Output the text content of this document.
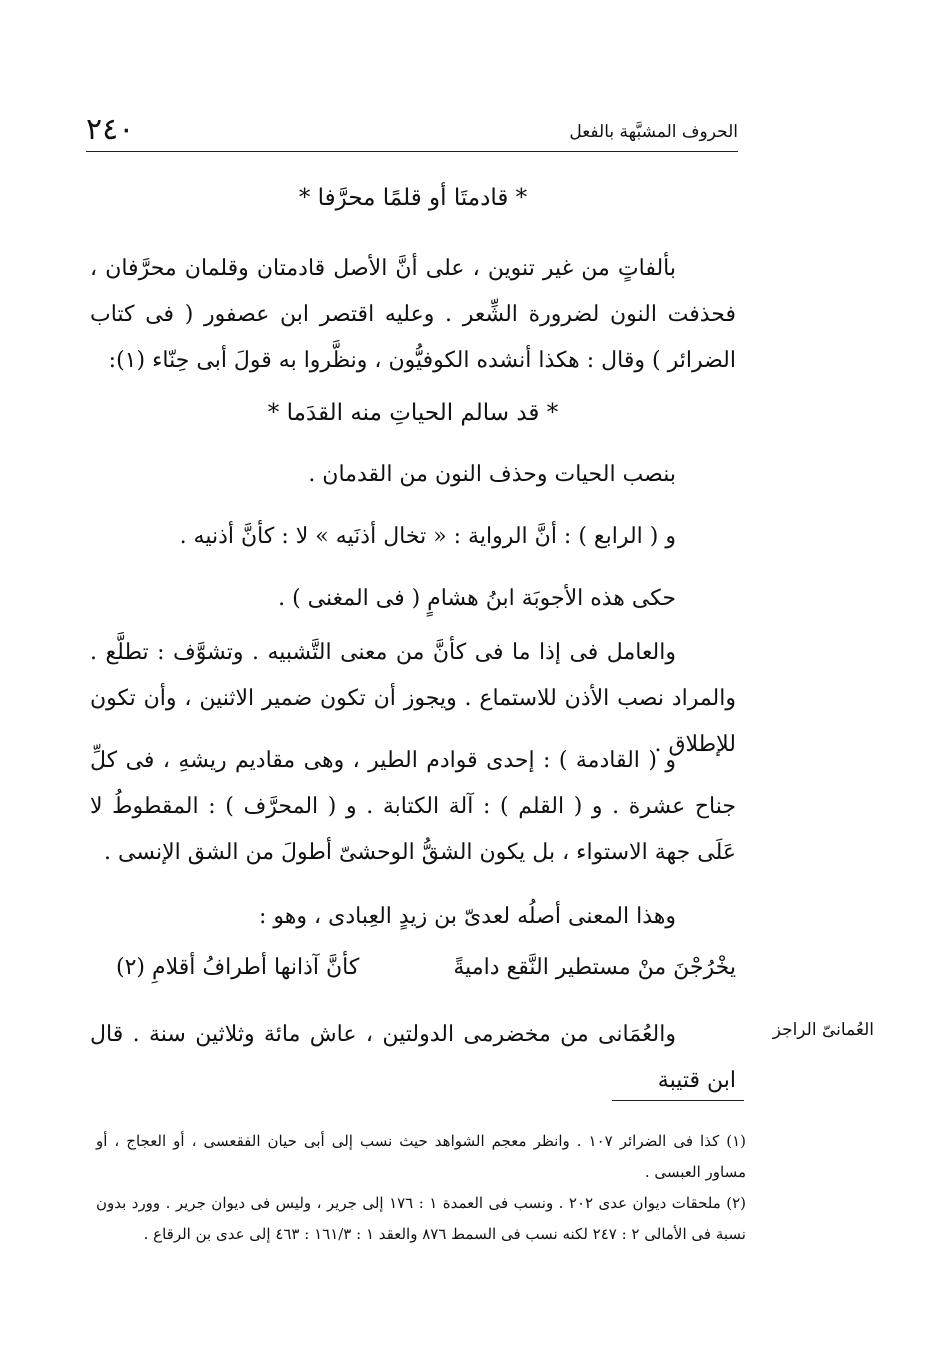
الحروف المشبَّهة بالفعل
٢٤٠
* قادمتَا أو قلمًا محرَّفا *
بألفاتٍ من غير تنوين ، على أنَّ الأصل قادمتان وقلمان محرَّفان ، فحذفت النون لضرورة الشِّعر . وعليه اقتصر ابن عصفور ( فى كتاب الضرائر ) وقال : هكذا أنشده الكوفيُّون ، ونظَّروا به قولَ أبى حِنّاء (١):
* قد سالم الحياتِ منه القدَما *
بنصب الحيات وحذف النون من القدمان .
و ( الرابع ) : أنَّ الرواية : « تخال أذنَيه » لا : كأنَّ أذنيه .
حكى هذه الأجوبَة ابنُ هشامٍ ( فى المغنى ) .
والعامل فى إذا ما فى كأنَّ من معنى التَّشبيه . وتشوَّف : تطلَّع . والمراد نصب الأذن للاستماع . ويجوز أن تكون ضمير الاثنين ، وأن تكون للإطلاق .
و ( القادمة ) : إحدى قوادم الطير ، وهى مقاديم ريشهِ ، فى كلِّ جناح عشرة . و ( القلم ) : آلة الكتابة . و ( المحرَّف ) : المقطوطُ لا عَلَى جهة الاستواء ، بل يكون الشقُّ الوحشىّ أطولَ من الشق الإنسى .
وهذا المعنى أصلُه لعدىّ بن زيدٍ العِبادى ، وهو :
يخْرُجْنَ منْ مستطير النَّقع داميةً
كأنَّ آذانها أطرافُ أقلامِ (٢)
والعُمَانى من مخضرمى الدولتين ، عاش مائة وثلاثين سنة . قال ابن قتيبة
العُمانىّ الراجز

(١) كذا فى الضرائر ١٠٧ . وانظر معجم الشواهد حيث نسب إلى أبى حيان الفقعسى ، أو العجاج ، أو مساور العبسى .

(٢) ملحقات ديوان عدى ٢٠٢ . ونسب فى العمدة ١ : ١٧٦ إلى جرير ، وليس فى ديوان جرير . وورد بدون نسبة فى الأمالى ٢ : ٢٤٧ لكنه نسب فى السمط ٨٧٦ والعقد ١ : ١٦١/٣ : ٤٦٣ إلى عدى بن الرقاع .
